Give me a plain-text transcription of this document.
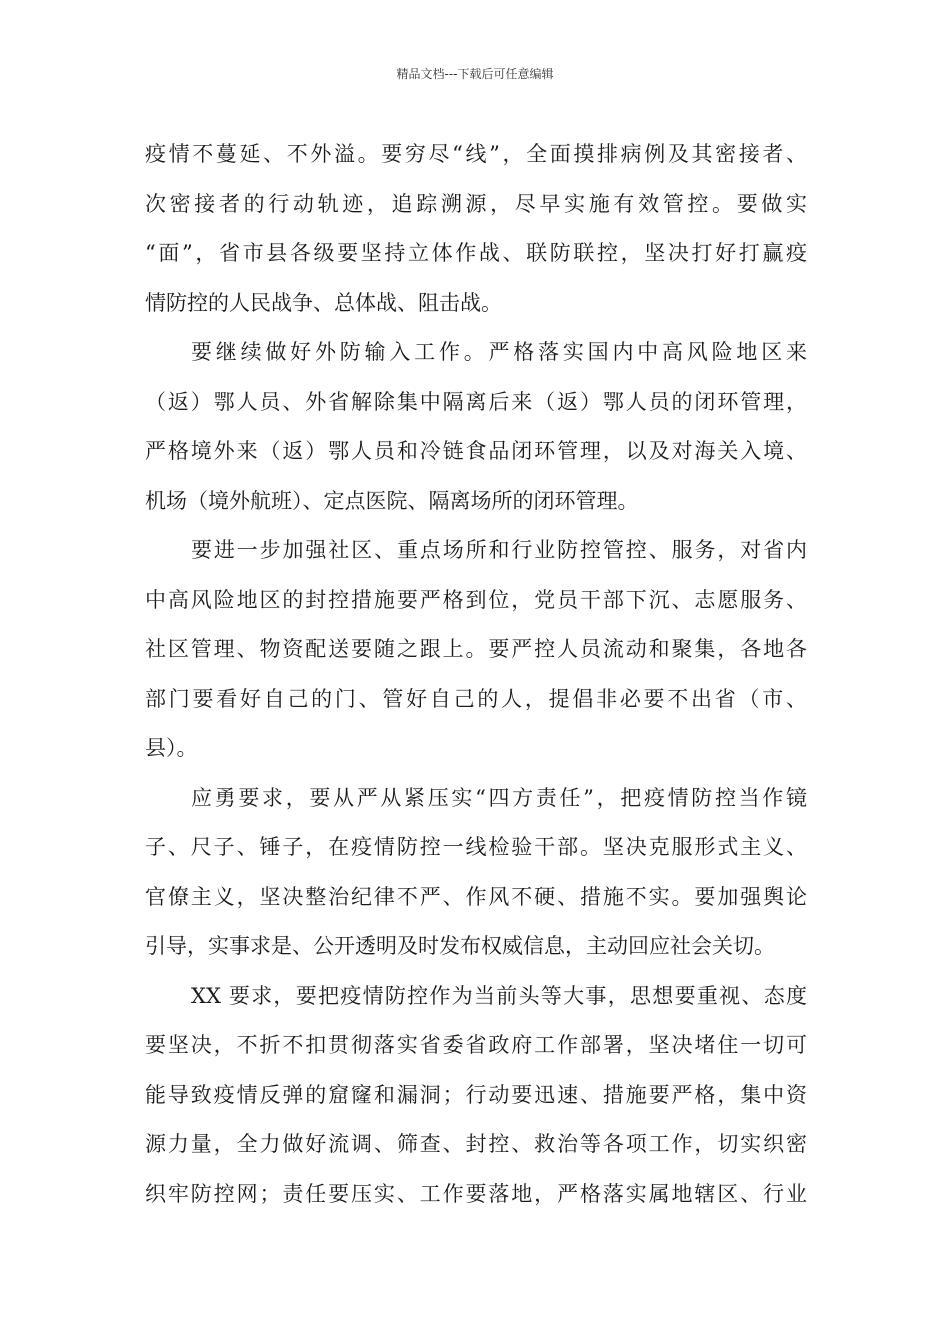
精品文档---下载后可任意编辑
疫情不蔓延、不外溢。要穷尽“线”，全面摸排病例及其密接者、
次密接者的行动轨迹，追踪溯源，尽早实施有效管控。要做实
“面”，省市县各级要坚持立体作战、联防联控，坚决打好打赢疫
情防控的人民战争、总体战、阻击战。
要继续做好外防输入工作。严格落实国内中高风险地区来
（返）鄂人员、外省解除集中隔离后来（返）鄂人员的闭环管理，
严格境外来（返）鄂人员和冷链食品闭环管理，以及对海关入境、
机场（境外航班）、定点医院、隔离场所的闭环管理。
要进一步加强社区、重点场所和行业防控管控、服务，对省内
中高风险地区的封控措施要严格到位，党员干部下沉、志愿服务、
社区管理、物资配送要随之跟上。要严控人员流动和聚集，各地各
部门要看好自己的门、管好自己的人，提倡非必要不出省（市、
县）。
应勇要求，要从严从紧压实“四方责任”，把疫情防控当作镜
子、尺子、锤子，在疫情防控一线检验干部。坚决克服形式主义、
官僚主义，坚决整治纪律不严、作风不硬、措施不实。要加强舆论
引导，实事求是、公开透明及时发布权威信息，主动回应社会关切。
XX 要求，要把疫情防控作为当前头等大事，思想要重视、态度
要坚决，不折不扣贯彻落实省委省政府工作部署，坚决堵住一切可
能导致疫情反弹的窟窿和漏洞；行动要迅速、措施要严格，集中资
源力量，全力做好流调、筛查、封控、救治等各项工作，切实织密
织牢防控网；责任要压实、工作要落地，严格落实属地辖区、行业
